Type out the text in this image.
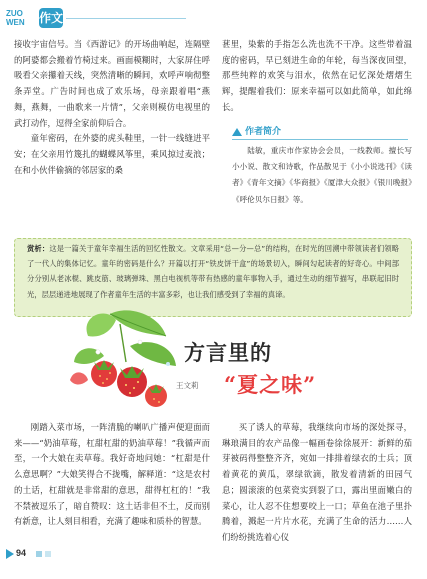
ZUO
WEN 作文

接收宇宙信号。当《西游记》的开场曲响起，连隔壁的阿婆都会搬着竹椅过来。画面模糊时，大家屏住呼吸看父亲攥着天线，突然清晰的瞬间，欢呼声响彻整条弄堂。广告时间也成了欢乐场，母亲跟着唱“燕舞，燕舞，一曲歌来一片情”，父亲则模仿电视里的武打动作，逗得全家前仰后合。

童年密码，在外婆的虎头鞋里，一针一线缝进平安；在父亲用竹篾扎的蝴蝶风筝里，乘风掠过麦浪；在和小伙伴偷摘的邻居家的桑

葚里，染紫的手指怎么洗也洗不干净。这些带着温度的密码，早已刻进生命的年轮，每当深夜回望，那些纯粹的欢笑与泪水，依然在记忆深处熠熠生辉，提醒着我们：原来幸福可以如此简单，如此绵长。

作者简介

陆敏，重庆市作家协会会员，一线教师。擅长写小小说、散文和诗歌，作品散见于《小小说选刊》《读者》《青年文摘》《华商报》《厦津大众报》《银川晚报》《呼伦贝尔日报》等。

赏析：这是一篇关于童年幸福生活的回忆性散文。文章采用“总—分—总”的结构，在时光的回溯中带领读者们领略了一代人的集体记忆。童年的密码是什么？开篇以打开“铁皮饼干盒”的场景切入，瞬间勾起读者的好奇心。中间部分分别从老冰棍、跳皮筋、玻璃弹珠、黑白电视机等带有热感的童年事物入手，通过生动的细节描写，串联起旧时光，层层递进地展现了作者童年生活的丰富多彩，也让我们感受到了幸福的真谛。
方言里的
王文莉 “夏之味”

刚踏入菜市场，一阵清脆的喇叭广播声便迎面而来——“奶油草莓，杠甜杠甜的奶油草莓！”我循声而至，一个大娘在卖草莓。我好奇地问她：“杠甜是什么意思啊？”大娘笑得合不拢嘴，解释道：“这是农村的土话，杠甜就是非常甜的意思，甜得杠杠的！”我不禁被逗乐了，暗自赞叹：这土话非但不土，反而别有新意，让人刻目相看，充满了趣味和质朴的智慧。

买了诱人的草莓，我继续向市场的深处探寻，琳琅满目的农产品像一幅画卷徐徐展开：新鲜的茄芽被码得整整齐齐，宛如一排排着绿衣的士兵；顶着黄花的黄瓜，翠绿欲滴，散发着清新的田园气息；圆滚滚的包菜瓷实到裂了口，露出里面嫩白的菜心，让人忍不住想要咬上一口；草鱼在池子里扑腾着，溅起一片片水花，充满了生命的活力……人们纷纷挑选着心仪

94
